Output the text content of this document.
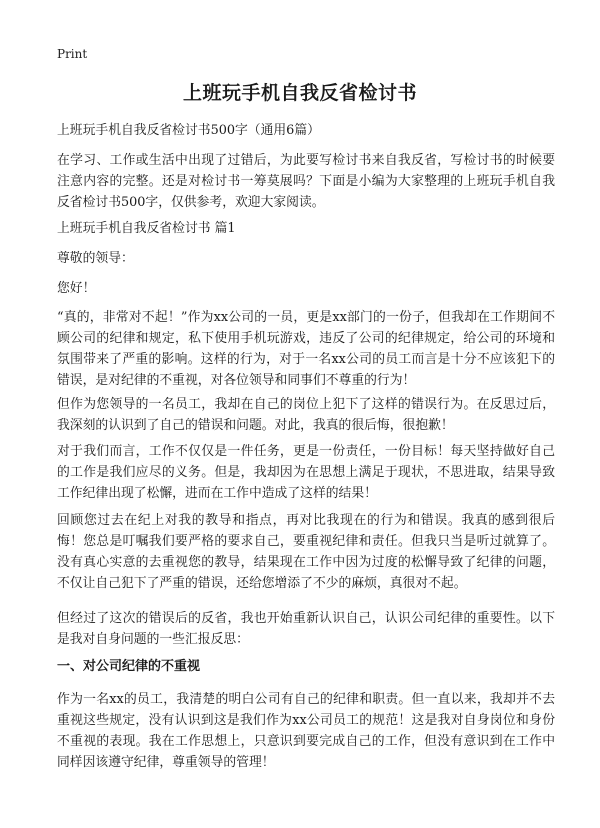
Print
上班玩手机自我反省检讨书

上班玩手机自我反省检讨书500字（通用6篇）

在学习、工作或生活中出现了过错后，为此要写检讨书来自我反省，写检讨书的时候要注意内容的完整。还是对检讨书一筹莫展吗？下面是小编为大家整理的上班玩手机自我反省检讨书500字，仅供参考，欢迎大家阅读。

上班玩手机自我反省检讨书 篇1

尊敬的领导：

您好！

“真的，非常对不起！”作为xx公司的一员，更是xx部门的一份子，但我却在工作期间不顾公司的纪律和规定，私下使用手机玩游戏，违反了公司的纪律规定，给公司的环境和氛围带来了严重的影响。这样的行为，对于一名xx公司的员工而言是十分不应该犯下的错误，是对纪律的不重视，对各位领导和同事们不尊重的行为！

但作为您领导的一名员工，我却在自己的岗位上犯下了这样的错误行为。在反思过后，我深刻的认识到了自己的错误和问题。对此，我真的很后悔，很抱歉！

对于我们而言，工作不仅仅是一件任务，更是一份责任，一份目标！每天坚持做好自己的工作是我们应尽的义务。但是，我却因为在思想上满足于现状，不思进取，结果导致工作纪律出现了松懈，进而在工作中造成了这样的结果！

回顾您过去在纪上对我的教导和指点，再对比我现在的行为和错误。我真的感到很后悔！您总是叮嘱我们要严格的要求自己，要重视纪律和责任。但我只当是听过就算了。没有真心实意的去重视您的教导，结果现在工作中因为过度的松懈导致了纪律的问题，不仅让自己犯下了严重的错误，还给您增添了不少的麻烦，真很对不起。

但经过了这次的错误后的反省，我也开始重新认识自己，认识公司纪律的重要性。以下是我对自身问题的一些汇报反思：

一、对公司纪律的不重视

作为一名xx的员工，我清楚的明白公司有自己的纪律和职责。但一直以来，我却并不去重视这些规定，没有认识到这是我们作为xx公司员工的规范！这是我对自身岗位和身份不重视的表现。我在工作思想上，只意识到要完成自己的工作，但没有意识到在工作中同样因该遵守纪律，尊重领导的管理！
